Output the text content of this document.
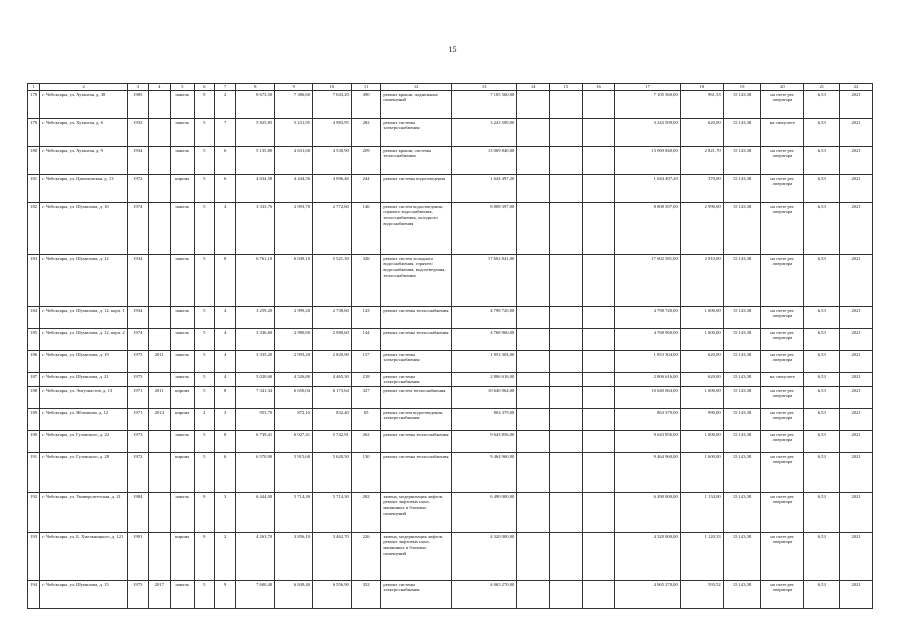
15
1	2	3	4	5	6	7	8	9	10	11	12	13	14	15	16	17	18	19	20	21	22
178	г. Чебоксары, ул. Хузангая, д. 38	1985		панель	9	2	8 673,50	7 386,60	7 043,20	490	ремонт крыши, подвальных помещений	7 105 560,00				7 105 560,00	961,53	15 143,38	на счете рег. оператора	6,53	2021
179	г. Чебоксары, ул. Хузангая, д. 6	1933		панель	5	7	5 825,85	5 231,95	4 983,95	282	ремонт системы электроснабжения	3 243 509,00				3 243 509,00	620,00	15 143,38	на спецсчете	6,53	2021
180	г. Чебоксары, ул. Хузангая, д. 9	1934		панель	5	6	5 135,80	4 631,60	4 530,90	209	ремонт крыши, системы теплоснабжения	13 069 840,00				13 069 840,00	2 821,70	15 143,38	на счете рег. оператора	6,53	2021
181	г. Чебоксары, ул. Ципиловская, д. 13	1972		кирпич	5	6	4 634,58	4 444,56	4 096,46	244	ремонт системы водоотведения	1 644 497,20				1 644 497,20	370,00	15 143,38	на счете рег. оператора	6,53	2021
182	г. Чебоксары, ул. Шумилова, д. 10	1974		панель	5	4	3 333,76	2 993,70	2 772,60	146	ремонт систем водоотведения, горячего водоснабжения, теплоснабжения, холодного водоснабжения	8 808 397,00				8 808 397,00	2 990,00	15 143,38	на счете рег. оператора	6,53	2021
183	г. Чебоксары, ул. Шумилова, д. 12	1934		панель	5	8	6 761,10	6 049,10	5 521,30	326	ремонт систем холодного водоснабжения, горячего водоснабжения, водоотведения, теплоснабжения	17 602 841,00				17 602 581,00	2 910,00	15 143,38	на счете рег. оператора	6,53	2021
184	г. Чебоксары, ул. Шумилова, д. 12, корп. 1	1934		панель	5	4	3 259,20	2 999,20	2 738,60	143	ремонт системы теплоснабжения	4 798 720,00				4 798 720,00	1 600,00	15 143,38	на счете рег. оператора	6,53	2021
185	г. Чебоксары, ул. Шумилова, д. 12, корп. 2	1974		панель	5	4	3 336,60	2 980,60	2 980,60	144	ремонт системы теплоснабжения	4 768 960,00				4 768 960,00	1 600,00	15 143,38	на счете рег. оператора	6,53	2021
186	г. Чебоксары, ул. Шумилова, д. 19	1975	2011	панель	5	4	3 335,20	2 993,20	2 820,90	157	ремонт системы электроснабжения	1 853 304,00				1 853 304,00	620,00	15 143,38	на счете рег. оператора	6,53	2021
187	г. Чебоксары, ул. Шумилова, д. 21	1975		панель	5	4	5 020,60	4 526,80	4 465,30	218	ремонт системы электроснабжения	2 806 616,00				2 806 616,00	620,00	15 143,38	на спецсчете	6,53	2021
188	г. Чебоксары, ул. Энтузиастов, д. 13	1971	2011	кирпич	5	8	7 341,34	6 650,04	6 173,64	327	ремонт систем теплоснабжения	10 640 064,00				10 640 064,00	1 600,00	15 143,38	на счете рег. оператора	6,53	2021
189	г. Чебоксары, ул. Яблочкова, д. 12	1971	2014	кирпич	2	3	953,70	872,10	832,40	65	ремонт систем водоотведения, электроснабжения	863 379,00				863 379,00	990,00	15 143,38	на счете рег. оператора	6,53	2021
190	г. Чебоксары, ул. Гузовского, д. 22	1973		панель	5	8	6 739,41	6 027,41	5 742,91	262	ремонт системы теплоснабжения	9 643 856,00				9 643 856,00	1 600,00	15 143,38	на счете рег. оператора	6,53	2021
191	г. Чебоксары, ул. Гузовского, д. 28	1972		кирпич	5	6	6 570,90	5 915,60	5 620,50	130	ремонт системы теплоснабжения	9 464 960,00				9 464 960,00	1 600,00	15 143,38	на счете рег. оператора	6,53	2021
192	г. Чебоксары, ул. Университетская, д. 21	1984		панель	9	3	6 444,00	5 714,30	5 714,30	282	замена, модернизация лифтов, ремонт лифтовых шахт, машинных и блочных помещений	6 490 000,00				6 490 000,00	1 134,00	15 143,38	на счете рег. оператора	6,53	2021
193	г. Чебоксары, ул. Б. Хмельницкого, д. 121	1991		кирпич	9	2	4 263,70	3 856,10	3 462,70	226	замена, модернизация лифтов, ремонт лифтовых шахт, машинных и блочных помещений	4 320 000,00				4 320 000,00	1 120,33	15 143,38	на счете рег. оператора	6,53	2021
194	г. Чебоксары, ул. Шумилова, д. 15	1975	2017	панель	5	9	7 600,40	6 849,40	6 556,90	352	ремонт системы электроснабжения	4 065 270,00				4 065 270,00	593,52	15 143,38	на счете рег. оператора	6,53	2021
